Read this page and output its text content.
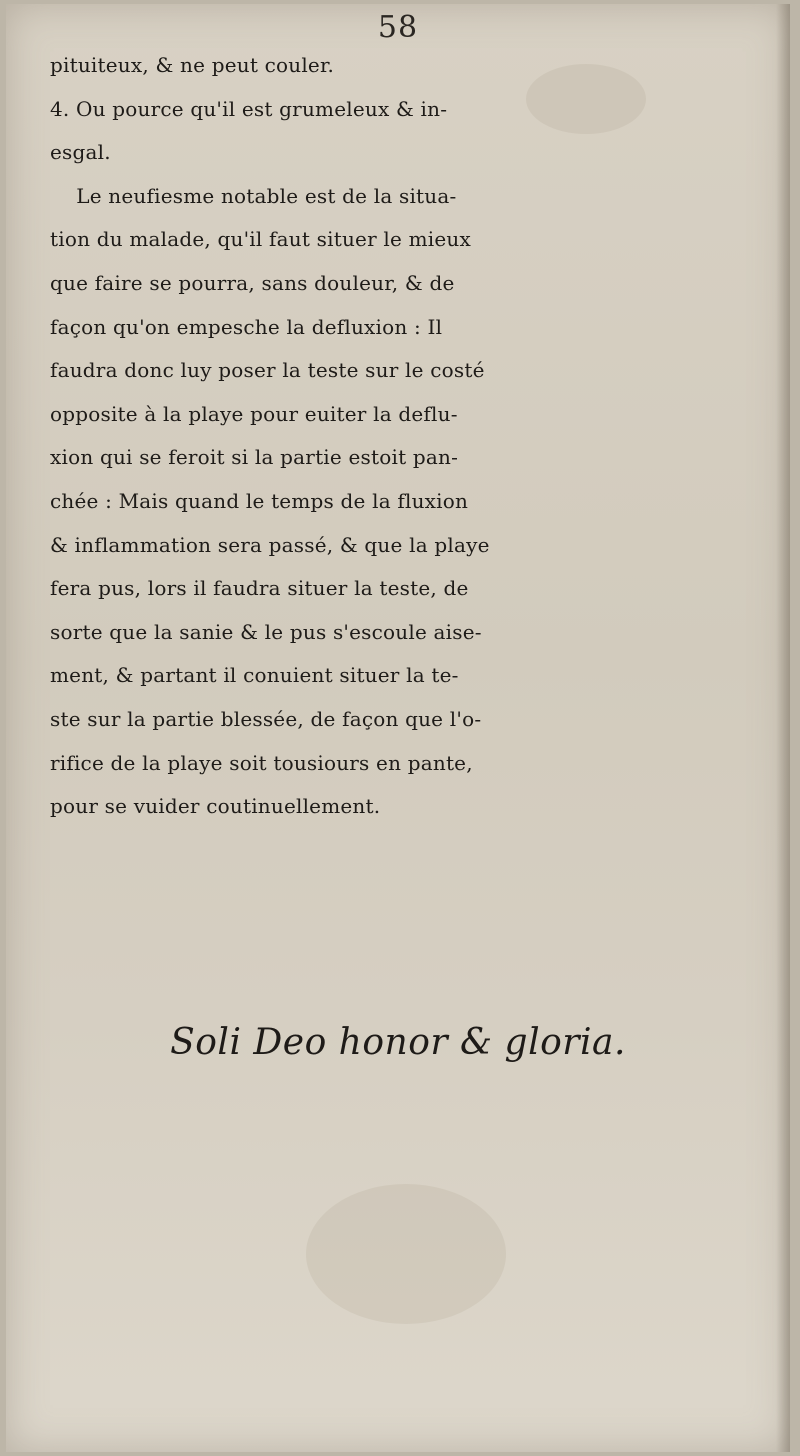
58
pituiteux, & ne peut couler.
4. Ou pource qu'il est grumeleux & in-
esgal.
Le neufiesme notable est de la situa-
tion du malade, qu'il faut situer le mieux
que faire se pourra, sans douleur, & de
façon qu'on empesche la defluxion : Il
faudra donc luy poser la teste sur le costé
opposite à la playe pour euiter la deflu-
xion qui se feroit si la partie estoit pan-
chée : Mais quand le temps de la fluxion
& inflammation sera passé, & que la playe
fera pus, lors il faudra situer la teste, de
sorte que la sanie & le pus s'escoule aise-
ment, & partant il conuient situer la te-
ste sur la partie blessée, de façon que l'o-
rifice de la playe soit tousiours en pante,
pour se vuider coutinuellement.
Soli Deo honor & gloria.
